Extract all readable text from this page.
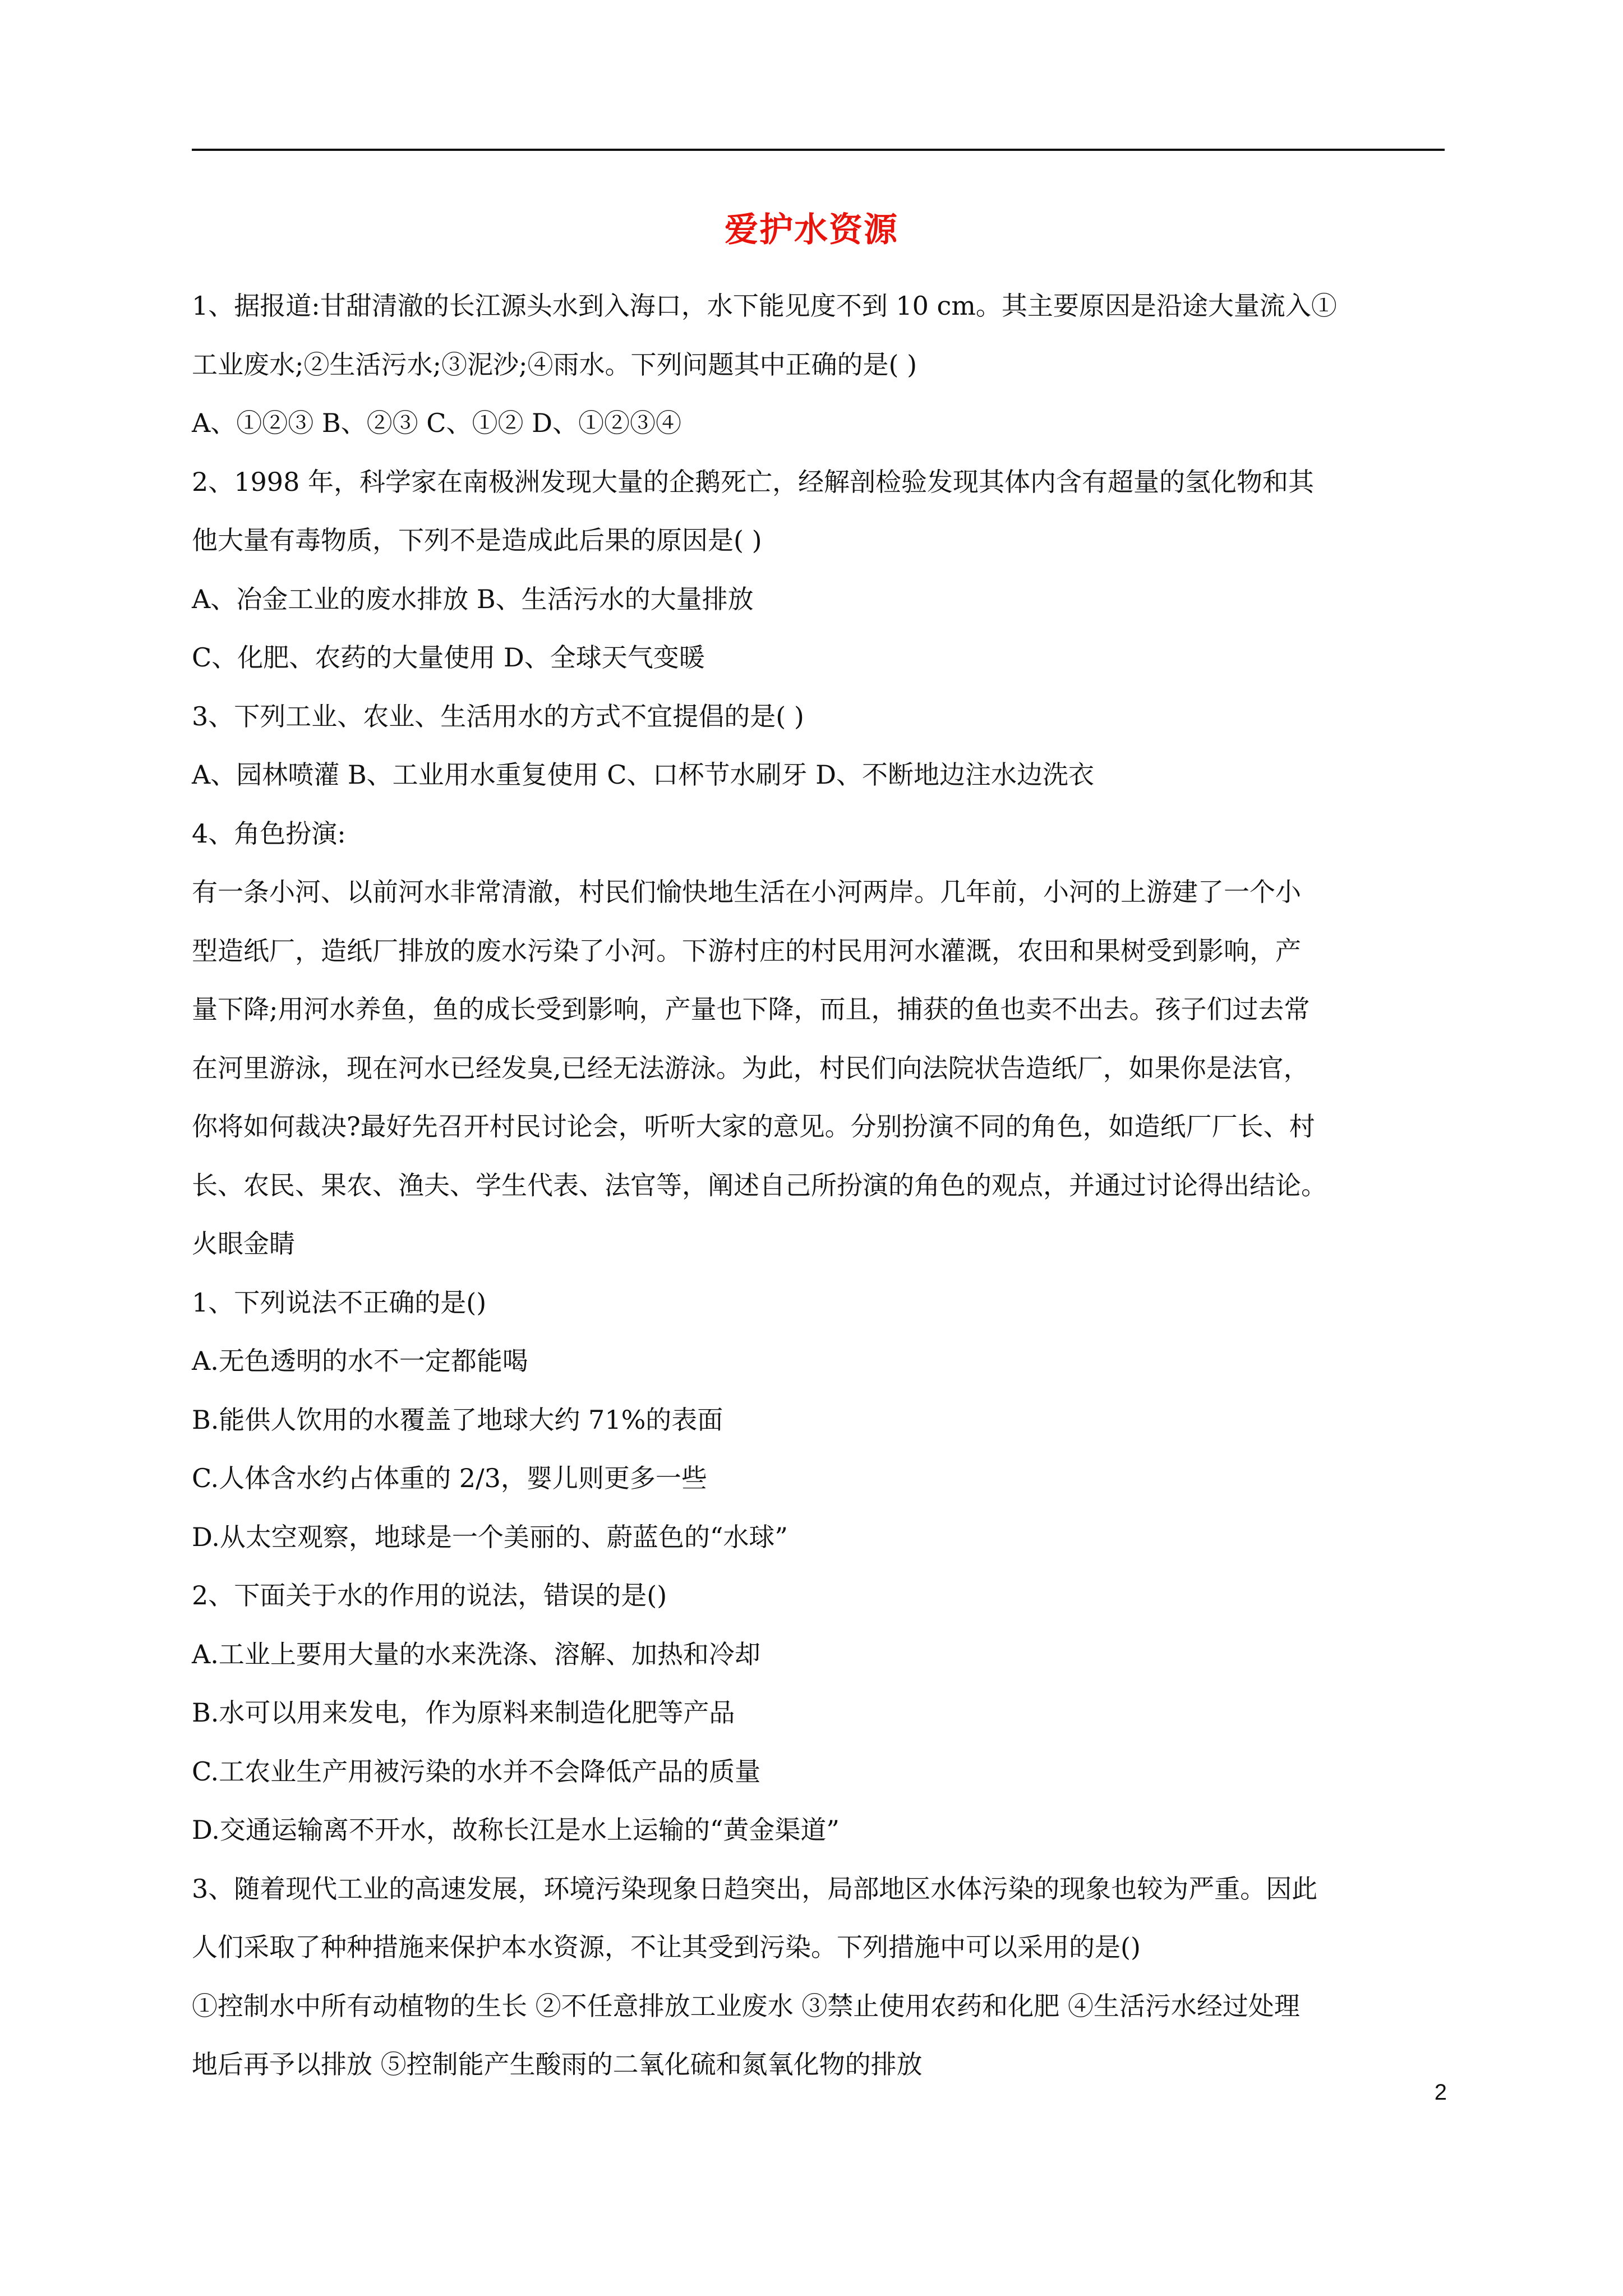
爱护水资源
1、据报道:甘甜清澈的长江源头水到入海口，水下能见度不到 10 cm。其主要原因是沿途大量流入①
工业废水;②生活污水;③泥沙;④雨水。下列问题其中正确的是( )
A、①②③ B、②③ C、①② D、①②③④
2、1998 年，科学家在南极洲发现大量的企鹅死亡，经解剖检验发现其体内含有超量的氢化物和其
他大量有毒物质，下列不是造成此后果的原因是( )
A、冶金工业的废水排放 B、生活污水的大量排放
C、化肥、农药的大量使用 D、全球天气变暖
3、下列工业、农业、生活用水的方式不宜提倡的是( )
A、园林喷灌 B、工业用水重复使用 C、口杯节水刷牙 D、不断地边注水边洗衣
4、角色扮演:
有一条小河、以前河水非常清澈，村民们愉快地生活在小河两岸。几年前，小河的上游建了一个小
型造纸厂，造纸厂排放的废水污染了小河。下游村庄的村民用河水灌溉，农田和果树受到影响，产
量下降;用河水养鱼，鱼的成长受到影响，产量也下降，而且，捕获的鱼也卖不出去。孩子们过去常
在河里游泳，现在河水已经发臭,已经无法游泳。为此，村民们向法院状告造纸厂，如果你是法官，
你将如何裁决?最好先召开村民讨论会，听听大家的意见。分别扮演不同的角色，如造纸厂厂长、村
长、农民、果农、渔夫、学生代表、法官等，阐述自己所扮演的角色的观点，并通过讨论得出结论。
火眼金睛
1、下列说法不正确的是()
A.无色透明的水不一定都能喝
B.能供人饮用的水覆盖了地球大约 71%的表面
C.人体含水约占体重的 2/3，婴儿则更多一些
D.从太空观察，地球是一个美丽的、蔚蓝色的“水球”
2、下面关于水的作用的说法，错误的是()
A.工业上要用大量的水来洗涤、溶解、加热和冷却
B.水可以用来发电，作为原料来制造化肥等产品
C.工农业生产用被污染的水并不会降低产品的质量
D.交通运输离不开水，故称长江是水上运输的“黄金渠道”
3、随着现代工业的高速发展，环境污染现象日趋突出，局部地区水体污染的现象也较为严重。因此
人们采取了种种措施来保护本水资源，不让其受到污染。下列措施中可以采用的是()
①控制水中所有动植物的生长 ②不任意排放工业废水 ③禁止使用农药和化肥 ④生活污水经过处理
地后再予以排放 ⑤控制能产生酸雨的二氧化硫和氮氧化物的排放
2
